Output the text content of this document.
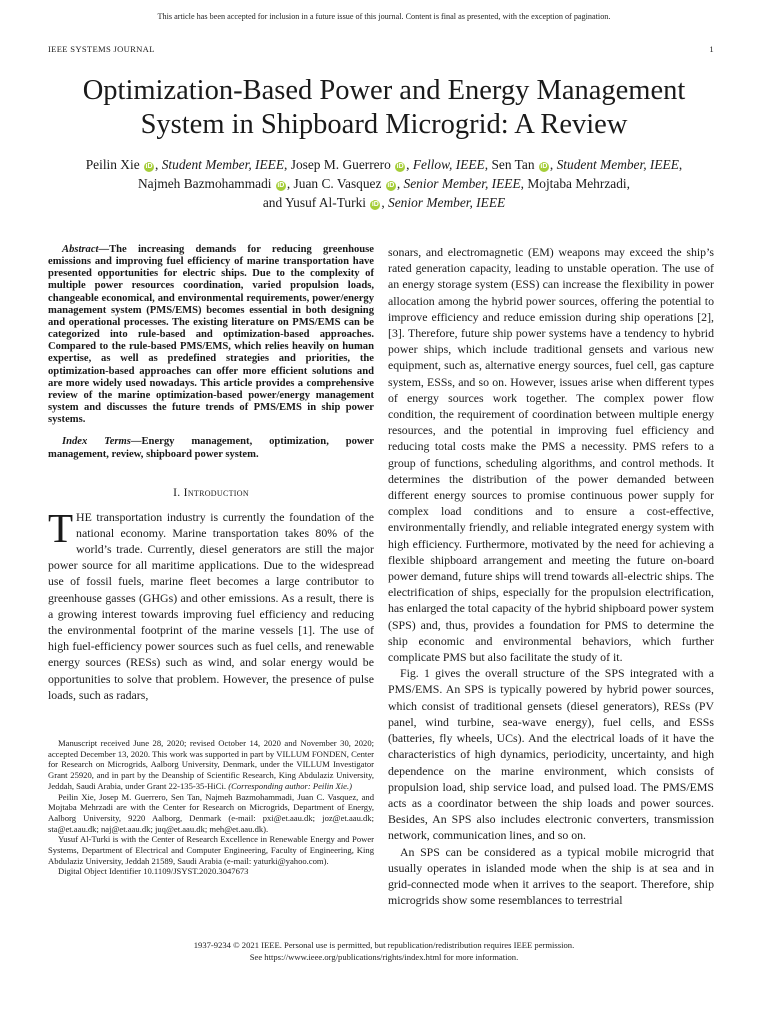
This article has been accepted for inclusion in a future issue of this journal. Content is final as presented, with the exception of pagination.
IEEE SYSTEMS JOURNAL	1
Optimization-Based Power and Energy Management
System in Shipboard Microgrid: A Review
Peilin Xie iD , Student Member, IEEE, Josep M. Guerrero iD , Fellow, IEEE, Sen Tan iD , Student Member, IEEE,
Najmeh Bazmohammadi iD , Juan C. Vasquez iD , Senior Member, IEEE, Mojtaba Mehrzadi,
and Yusuf Al-Turki iD , Senior Member, IEEE

Abstract—The increasing demands for reducing greenhouse emissions and improving fuel efficiency of marine transportation have presented opportunities for electric ships. Due to the complexity of multiple power resources coordination, varied propulsion loads, changeable economical, and environmental requirements, power/energy management system (PMS/EMS) becomes essential in both designing and operational processes. The existing literature on PMS/EMS can be categorized into rule-based and optimization-based approaches. Compared to the rule-based PMS/EMS, which relies heavily on human expertise, as well as predefined strategies and priorities, the optimization-based approaches can offer more efficient solutions and are more widely used nowadays. This article provides a comprehensive review of the marine optimization-based power/energy management system and discusses the future trends of PMS/EMS in ship power systems.

Index Terms—Energy management, optimization, power management, review, shipboard power system.

I. Introduction

THE transportation industry is currently the foundation of the national economy. Marine transportation takes 80% of the world’s trade. Currently, diesel generators are still the major power source for all maritime applications. Due to the widespread use of fossil fuels, marine fleet becomes a large contributor to greenhouse gasses (GHGs) and other emissions. As a result, there is a growing interest towards improving fuel efficiency and reducing the environmental footprint of the marine vessels [1]. The use of high fuel-efficiency power sources such as fuel cells, and renewable energy sources (RESs) such as wind, and solar energy would be opportunities to solve that problem. However, the presence of pulse loads, such as radars,

Manuscript received June 28, 2020; revised October 14, 2020 and November 30, 2020; accepted December 13, 2020. This work was supported in part by VILLUM FONDEN, Center for Research on Microgrids, Aalborg University, Denmark, under the VILLUM Investigator Grant 25920, and in part by the Deanship of Scientific Research, King Abdulaziz University, Jeddah, Saudi Arabia, under Grant 22-135-35-HiCi. (Corresponding author: Peilin Xie.)

Peilin Xie, Josep M. Guerrero, Sen Tan, Najmeh Bazmohammadi, Juan C. Vasquez, and Mojtaba Mehrzadi are with the Center for Research on Microgrids, Department of Energy, Aalborg University, 9220 Aalborg, Denmark (e-mail: pxi@et.aau.dk; joz@et.aau.dk; sta@et.aau.dk; naj@et.aau.dk; juq@et.aau.dk; meh@et.aau.dk).

Yusuf Al-Turki is with the Center of Research Excellence in Renewable Energy and Power Systems, Department of Electrical and Computer Engineering, Faculty of Engineering, King Abdulaziz University, Jeddah 21589, Saudi Arabia (e-mail: yaturki@yahoo.com).

Digital Object Identifier 10.1109/JSYST.2020.3047673

sonars, and electromagnetic (EM) weapons may exceed the ship’s rated generation capacity, leading to unstable operation. The use of an energy storage system (ESS) can increase the flexibility in power allocation among the hybrid power sources, offering the potential to improve efficiency and reduce emission during ship operations [2], [3]. Therefore, future ship power systems have a tendency to hybrid power ships, which include traditional gensets and various new equipment, such as, alternative energy sources, fuel cell, gas capture system, ESSs, and so on. However, issues arise when different types of energy sources work together. The complex power flow condition, the requirement of coordination between multiple energy resources, and the potential in improving fuel efficiency and reducing total costs make the PMS a necessity. PMS refers to a group of functions, scheduling algorithms, and control methods. It determines the distribution of the power demanded between different energy sources to promise continuous power supply for complex load conditions and to ensure a cost-effective, environmentally friendly, and reliable integrated energy system with high efficiency. Furthermore, motivated by the need for achieving a flexible shipboard arrangement and meeting the future on-board power demand, future ships will trend towards all-electric ships. The electrification of ships, especially for the propulsion electrification, has enlarged the total capacity of the hybrid shipboard power system (SPS) and, thus, provides a foundation for PMS to determine the ship economic and environmental behaviors, which further complicate PMS but also facilitate the study of it.

Fig. 1 gives the overall structure of the SPS integrated with a PMS/EMS. An SPS is typically powered by hybrid power sources, which consist of traditional gensets (diesel generators), RESs (PV panel, wind turbine, sea-wave energy), fuel cells, and ESSs (batteries, fly wheels, UCs). And the electrical loads of it have the characteristics of high dynamics, periodicity, uncertainty, and high dependence on the marine environment, which consists of propulsion load, ship service load, and pulsed load. The PMS/EMS acts as a coordinator between the ship loads and power sources. Besides, An SPS also includes electronic converters, transmission network, communication lines, and so on.

An SPS can be considered as a typical mobile microgrid that usually operates in islanded mode when the ship is at sea and in grid-connected mode when it arrives to the seaport. Therefore, ship microgrids show some resemblances to terrestrial

1937-9234 © 2021 IEEE. Personal use is permitted, but republication/redistribution requires IEEE permission.
See https://www.ieee.org/publications/rights/index.html for more information.
